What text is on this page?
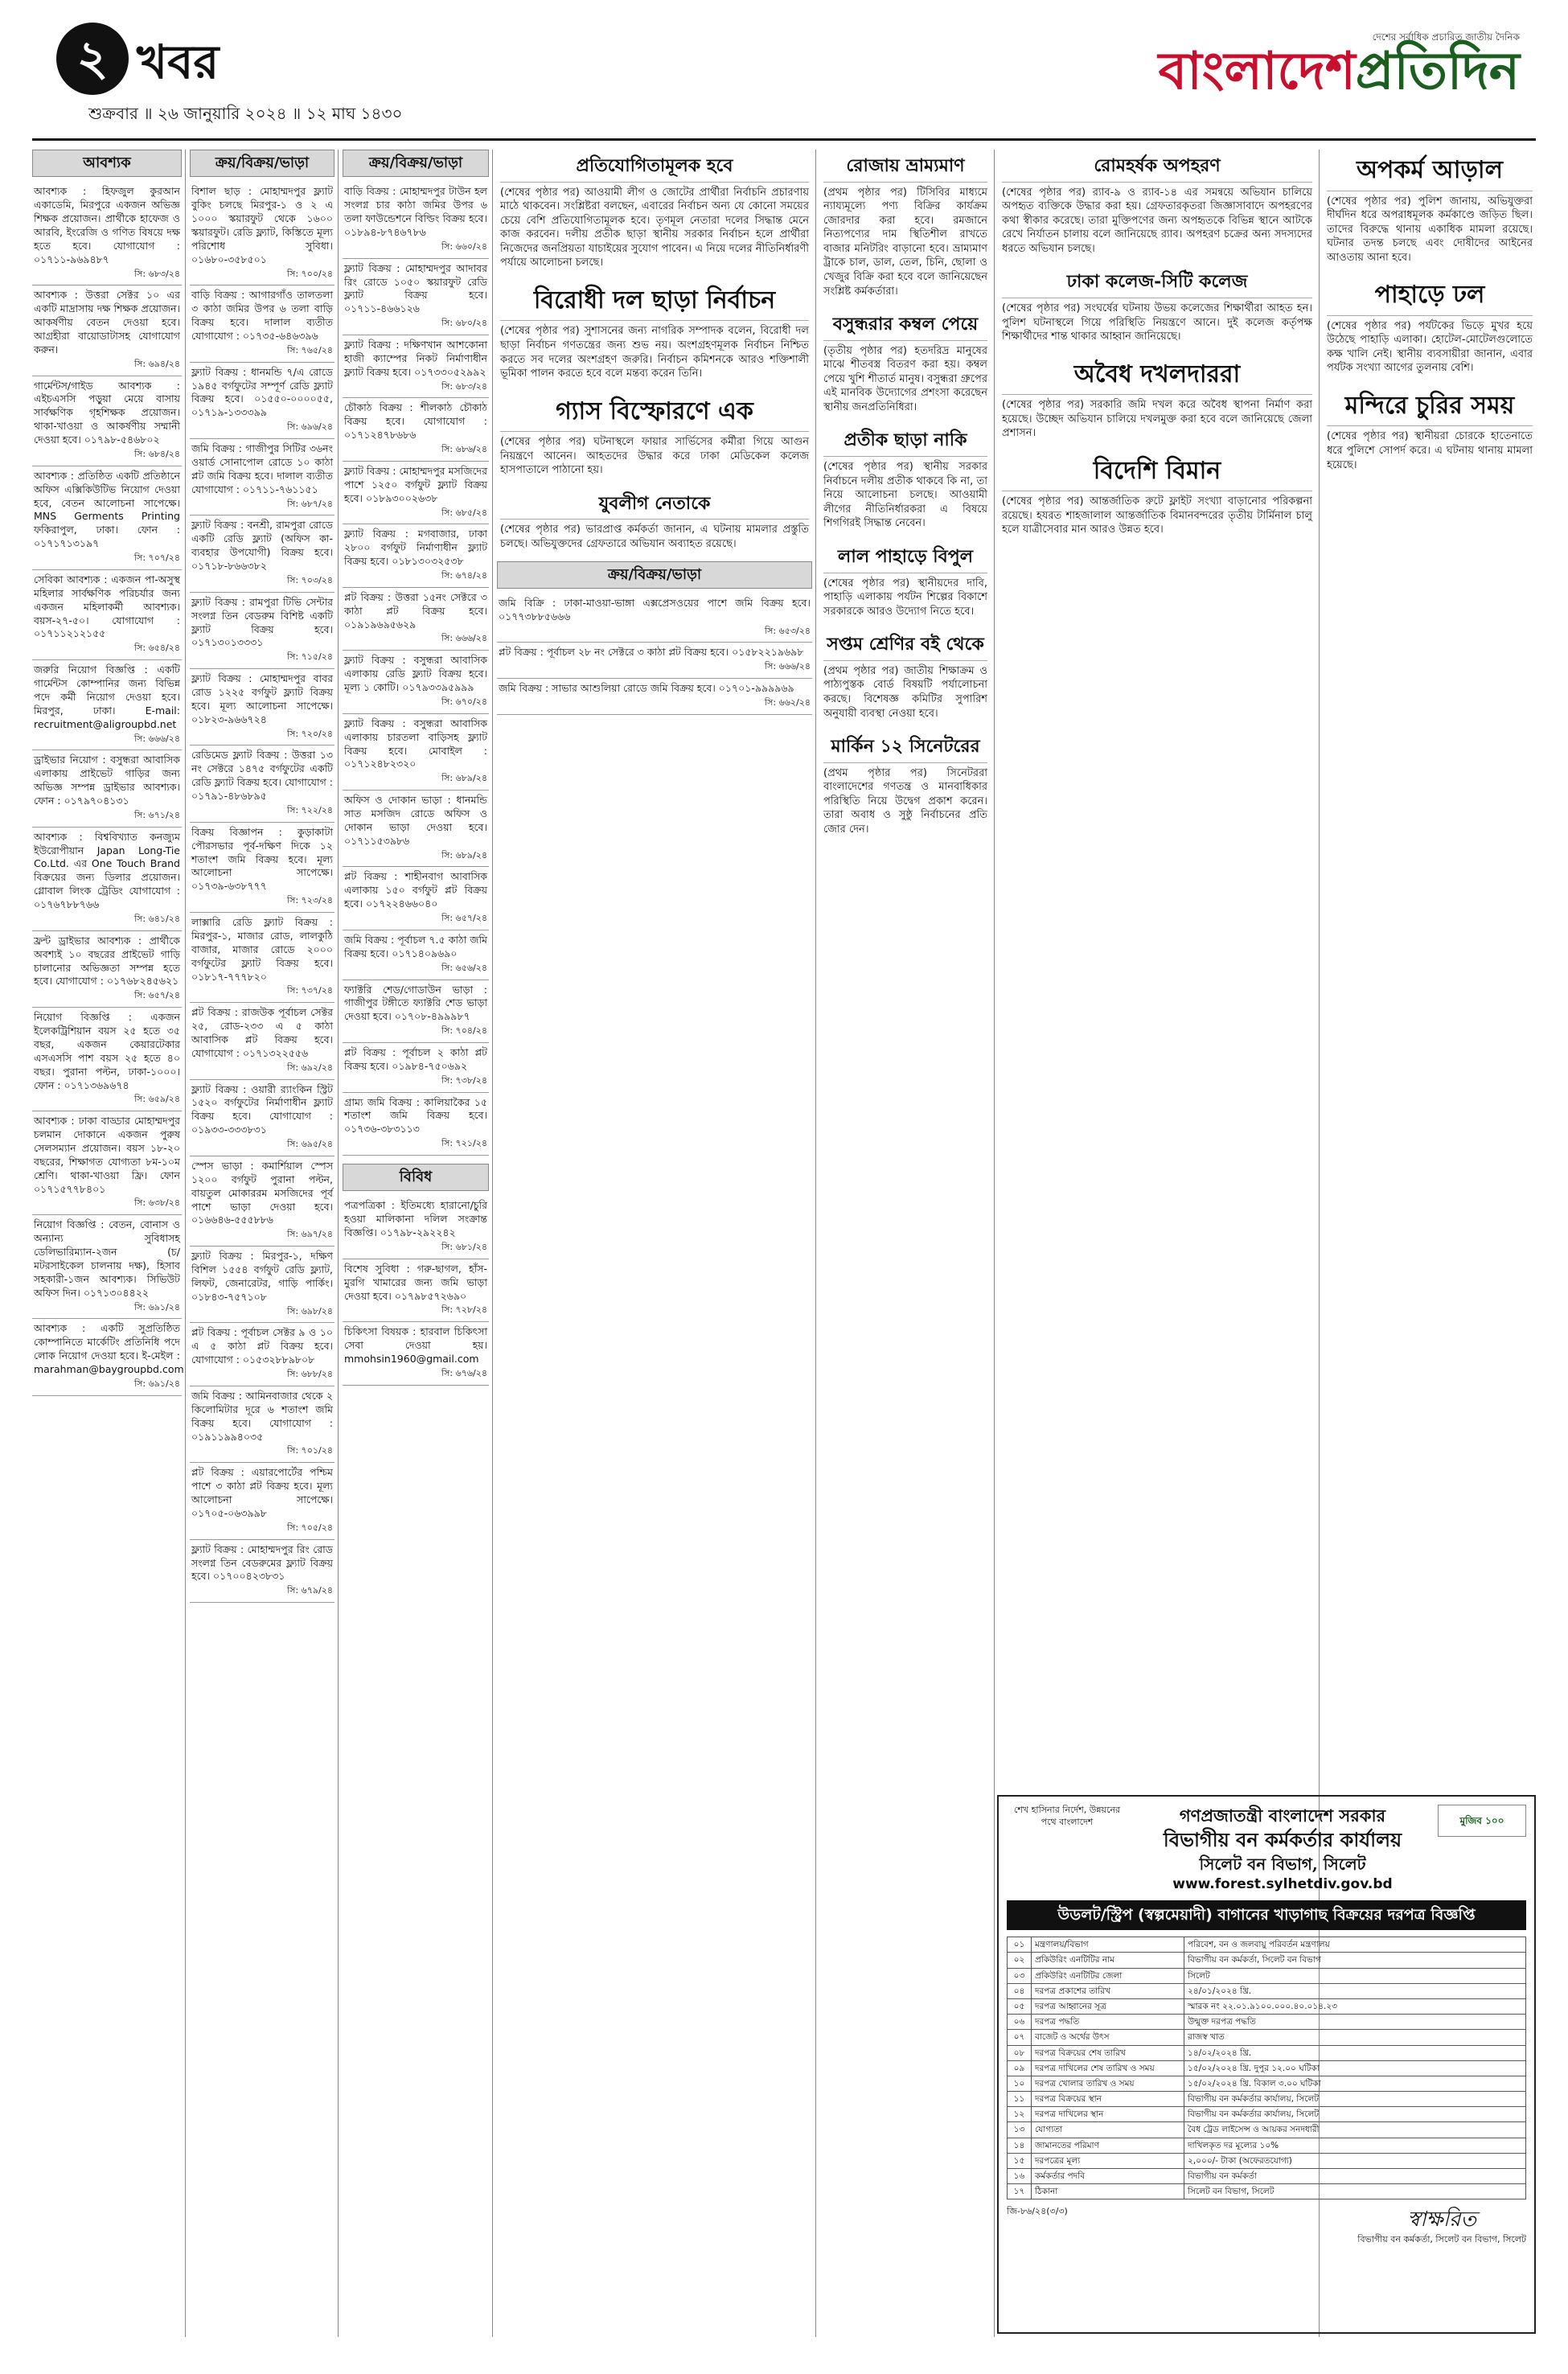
২ খবর
শুক্রবার ॥ ২৬ জানুয়ারি ২০২৪ ॥ ১২ মাঘ ১৪৩০
দেশের সর্বাধিক প্রচারিত জাতীয় দৈনিক
বাংলাদেশপ্রতিদিন
আবশ্যক
আবশ্যক : হিফজুল কুরআন একাডেমি, মিরপুরে একজন অভিজ্ঞ শিক্ষক প্রয়োজন। প্রার্থীকে হাফেজ ও আরবি, ইংরেজি ও গণিত বিষয়ে দক্ষ হতে হবে। যোগাযোগ : ০১৭১১-৯৬৯৪৮৭
সি: ৬৮৩/২৪
আবশ্যক : উত্তরা সেক্টর ১০ এর একটি মাদ্রাসায় দক্ষ শিক্ষক প্রয়োজন। আকর্ষণীয় বেতন দেওয়া হবে। আগ্রহীরা বায়োডাটাসহ যোগাযোগ করুন।
সি: ৬৯৪/২৪
গার্মেন্টস/গাইড আবশ্যক : এইচএসসি পড়ুয়া মেয়ে বাসায় সার্বক্ষণিক গৃহশিক্ষক প্রয়োজন। থাকা-খাওয়া ও আকর্ষণীয় সম্মানী দেওয়া হবে। ০১৭৯৮-৫৪৬৮০২
সি: ৬৮৪/২৪
আবশ্যক : প্রতিষ্ঠিত একটি প্রতিষ্ঠানে অফিস এক্সিকিউটিভ নিয়োগ দেওয়া হবে, বেতন আলোচনা সাপেক্ষে। MNS Germents Printing ফকিরাপুল, ঢাকা। ফোন : ০১৭১৭১৩১৯৭
সি: ৭০৭/২৪
সেবিকা আবশ্যক : একজন পা-অসুস্থ মহিলার সার্বক্ষণিক পরিচর্যার জন্য একজন মহিলাকর্মী আবশ্যক। বয়স-২৭-৫০। যোগাযোগ : ০১৭১১২১২১৫৫
সি: ৬৫৪/২৪
জরুরি নিয়োগ বিজ্ঞপ্তি : একটি গার্মেন্টস কোম্পানির জন্য বিভিন্ন পদে কর্মী নিয়োগ দেওয়া হবে। মিরপুর, ঢাকা। E-mail: recruitment@aligroupbd.net
সি: ৬৬৬/২৪
ড্রাইভার নিয়োগ : বসুন্ধরা আবাসিক এলাকায় প্রাইভেট গাড়ির জন্য অভিজ্ঞ সম্পন্ন ড্রাইভার আবশ্যক। ফোন : ০১৭৯৭০৪১৩১
সি: ৬৭১/২৪
আবশ্যক : বিশ্ববিখ্যাত কনজ্যুম ইউরোপীয়ান Japan Long-Tie Co.Ltd. এর One Touch Brand বিক্রয়ের জন্য ডিলার প্রয়োজন। গ্লোবাল লিংক ট্রেডিং যোগাযোগ : ০১৭৬৭৮৮৭৬৬
সি: ৬৪১/২৪
ফ্রন্ট ড্রাইভার আবশ্যক : প্রার্থীকে অবশ্যই ১০ বছরের প্রাইভেট গাড়ি চালানোর অভিজ্ঞতা সম্পন্ন হতে হবে। যোগাযোগ : ০১৭৬৮২৪৫৬২১
সি: ৬৫৭/২৪
নিয়োগ বিজ্ঞপ্তি : একজন ইলেকট্রিশিয়ান বয়স ২৫ হতে ৩৫ বছর, একজন কেয়ারটেকার এসএসসি পাশ বয়স ২৫ হতে ৪০ বছর। পুরানা পল্টন, ঢাকা-১০০০। ফোন : ০১৭১৩৬৯৬৭৪
সি: ৬৫৯/২৪
আবশ্যক : ঢাকা বাড্ডার মোহাম্মদপুর চলমান দোকানে একজন পুরুষ সেলসম্যান প্রয়োজন। বয়স ১৮-২০ বছরের, শিক্ষাগত যোগ্যতা ৮ম-১০ম শ্রেণি। থাকা-খাওয়া ফ্রি। ফোন ০১৭১৫৭৭৮৪০১
সি: ৬৩৮/২৪
নিয়োগ বিজ্ঞপ্তি : বেতন, বোনাস ও অন্যান্য সুবিধাসহ ডেলিভারিম্যান-২জন (চ/মটরসাইকেল চালনায় দক্ষ), হিসাব সহকারী-১জন আবশ্যক। সিভিউট অফিস দিন। ০১৭১৩০৪৪২২
সি: ৬৯১/২৪
আবশ্যক : একটি সুপ্রতিষ্ঠিত কোম্পানিতে মার্কেটিং প্রতিনিধি পদে লোক নিয়োগ দেওয়া হবে। ই-মেইল : marahman@baygroupbd.com
সি: ৬৯১/২৪
ক্রয়/বিক্রয়/ভাড়া
বিশাল ছাড় : মোহাম্মদপুর ফ্ল্যাট বুকিং চলছে মিরপুর-১ ও ২ এ ১০০০ স্কয়ারফুট থেকে ১৬০০ স্কয়ারফুট। রেডি ফ্ল্যাট, কিস্তিতে মূল্য পরিশোধ সুবিধা। ০১৬৮০-৩৫৮৫০১
সি: ৭০০/২৪
বাড়ি বিক্রয় : আগারগাঁও তালতলা ৩ কাঠা জমির উপর ৬ তলা বাড়ি বিক্রয় হবে। দালাল ব্যতীত যোগাযোগ : ০১৭৩৫-৬৪৬৩৯৬
সি: ৭৬৫/২৪
ফ্ল্যাট বিক্রয় : ধানমন্ডি ৭/এ রোডে ১৯৪৫ বর্গফুটের সম্পূর্ণ রেডি ফ্ল্যাট বিক্রয় হবে। ০১৫৫০-০০০০৫৫, ০১৭১৯-১৩৩৩৯৯
সি: ৬৯৬/২৪
জমি বিক্রয় : গাজীপুর সিটির ৩৬নং ওয়ার্ড সোনাপোল রোডে ১০ কাঠা প্লট জমি বিক্রয় হবে। দালাল ব্যতীত যোগাযোগ : ০১৭১১-৭৬১১৫১
সি: ৬৮৭/২৪
ফ্ল্যাট বিক্রয় : বনশ্রী, রামপুরা রোডে একটি রেডি ফ্ল্যাট (অফিস কা-ব্যবহার উপযোগী) বিক্রয় হবে। ০১৭১৮-৮৬৬৩৮২
সি: ৭০৩/২৪
ফ্ল্যাট বিক্রয় : রামপুরা টিভি সেন্টার সংলগ্ন তিন বেডরুম বিশিষ্ট একটি ফ্ল্যাট বিক্রয় হবে। ০১৭১৩০১৩৩৩১
সি: ৭১৫/২৪
ফ্ল্যাট বিক্রয় : মোহাম্মদপুর বাবর রোড ১২২৫ বর্গফুট ফ্ল্যাট বিক্রয় হবে। মূল্য আলোচনা সাপেক্ষে। ০১৮২৩-৯৬৬৭২৪
সি: ৭২০/২৪
রেডিমেড ফ্ল্যাট বিক্রয় : উত্তরা ১৩ নং সেক্টরে ১৪৭৫ বর্গফুটের একটি রেডি ফ্ল্যাট বিক্রয় হবে। যোগাযোগ : ০১৭৯১-৪৮৬৮৯৫
সি: ৭২২/২৪
বিক্রয় বিজ্ঞাপন : কুড়াকাটা পৌরসভার পূর্ব-দক্ষিণ দিকে ১২ শতাংশ জমি বিক্রয় হবে। মূল্য আলোচনা সাপেক্ষে। ০১৭৩৯-৬৩৮৭৭৭
সি: ৭২৩/২৪
লাক্সারি রেডি ফ্ল্যাট বিক্রয় : মিরপুর-১, মাজার রোড, লালকুঠি বাজার, মাজার রোডে ২০০০ বর্গফুটের ফ্ল্যাট বিক্রয় হবে। ০১৮১৭-৭৭৭৮২০
সি: ৭৩৭/২৪
প্লট বিক্রয় : রাজউক পূর্বাচল সেক্টর ২৫, রোড-২৩৩ এ ৫ কাঠা আবাসিক প্লট বিক্রয় হবে। যোগাযোগ : ০১৭১৩২২৫৫৬
সি: ৬৯২/২৪
ফ্ল্যাট বিক্রয় : ওয়ারী র‍্যাংকিন স্ট্রিট ১৫২০ বর্গফুটের নির্মাণাধীন ফ্ল্যাট বিক্রয় হবে। যোগাযোগ : ০১৯৩৩-৩৩৩৮৩১
সি: ৬৯৫/২৪
স্পেস ভাড়া : কমার্শিয়াল স্পেস ১২০০ বর্গফুট পুরানা পল্টন, বায়তুল মোকাররম মসজিদের পূর্ব পাশে ভাড়া দেওয়া হবে। ০১৬৬৪৬-৫৫৫৮৮৬
সি: ৬৯৭/২৪
ফ্ল্যাট বিক্রয় : মিরপুর-১, দক্ষিণ বিশিল ১৫৫৪ বর্গফুট রেডি ফ্ল্যাট, লিফট, জেনারেটর, গাড়ি পার্কিং। ০১৮৪৩-৭৫৭১০৮
সি: ৬৯৮/২৪
প্লট বিক্রয় : পূর্বাচল সেক্টর ৯ ও ১০ এ ৫ কাঠা প্লট বিক্রয় হবে। যোগাযোগ : ০১৫৩২৮৮৯৮০৮
সি: ৬৮৮/২৪
জমি বিক্রয় : আমিনবাজার থেকে ২ কিলোমিটার দূরে ৬ শতাংশ জমি বিক্রয় হবে। যোগাযোগ : ০১৯১১৯৯৪০৩৫
সি: ৭০১/২৪
প্লট বিক্রয় : এয়ারপোর্টের পশ্চিম পাশে ৩ কাঠা প্লট বিক্রয় হবে। মূল্য আলোচনা সাপেক্ষে। ০১৭০৫-০৬৩৯৯৮
সি: ৭০৫/২৪
ফ্ল্যাট বিক্রয় : মোহাম্মদপুর রিং রোড সংলগ্ন তিন বেডরুমের ফ্ল্যাট বিক্রয় হবে। ০১৭০০৪২৩৮৩১
সি: ৬৭৯/২৪
ক্রয়/বিক্রয়/ভাড়া
বাড়ি বিক্রয় : মোহাম্মদপুর টাউন হল সংলগ্ন চার কাঠা জমির উপর ৬ তলা ফাউন্ডেশনে বিল্ডিং বিক্রয় হবে। ০১৮৯৪-৮৭৪৬৭৮৬
সি: ৬৬০/২৪
ফ্ল্যাট বিক্রয় : মোহাম্মদপুর আদাবর রিং রোডে ১০৫০ স্কয়ারফুট রেডি ফ্ল্যাট বিক্রয় হবে। ০১৭১১-৪৬৬১২৬
সি: ৬৮০/২৪
ফ্ল্যাট বিক্রয় : দক্ষিণখান আশকোনা হাজী ক্যাম্পের নিকট নির্মাণাধীন ফ্ল্যাট বিক্রয় হবে। ০১৭৩৩০৫২৯৯২
সি: ৬৮৩/২৪
চৌকাঠ বিক্রয় : শীলকাঠ চৌকাঠ বিক্রয় হবে। যোগাযোগ : ০১৭১২৪৭৮৬৮৬
সি: ৬৮৬/২৪
ফ্ল্যাট বিক্রয় : মোহাম্মদপুর মসজিদের পাশে ১২৫০ বর্গফুট ফ্ল্যাট বিক্রয় হবে। ০১৮৯৩০০২৬৩৮
সি: ৬৮৫/২৪
ফ্ল্যাট বিক্রয় : মগবাজার, ঢাকা ২৮০০ বর্গফুট নির্মাণাধীন ফ্ল্যাট বিক্রয় হবে। ০১৮১৩০৩২৫৩৮
সি: ৬৭৪/২৪
প্লট বিক্রয় : উত্তরা ১৫নং সেক্টরে ৩ কাঠা প্লট বিক্রয় হবে। ০১৯১৯৬৯৫৬২৯
সি: ৬৬৬/২৪
ফ্ল্যাট বিক্রয় : বসুন্ধরা আবাসিক এলাকায় রেডি ফ্ল্যাট বিক্রয় হবে। মূল্য ১ কোটি। ০১৭৯৩৩৯৫৯৯৯
সি: ৬৭০/২৪
ফ্ল্যাট বিক্রয় : বসুন্ধরা আবাসিক এলাকায় চারতলা বাড়িসহ ফ্ল্যাট বিক্রয় হবে। মোবাইল : ০১৭১২৪৮২৩২০
সি: ৬৮৯/২৪
অফিস ও দোকান ভাড়া : ধানমন্ডি সাত মসজিদ রোডে অফিস ও দোকান ভাড়া দেওয়া হবে। ০১৭১১৫৩৯৮৬
সি: ৬৮৯/২৪
প্লট বিক্রয় : শাহীনবাগ আবাসিক এলাকায় ১৫০ বর্গফুট প্লট বিক্রয় হবে। ০১৭২২৪৬৬০৪০
সি: ৬৫৭/২৪
জমি বিক্রয় : পূর্বাচল ৭.৫ কাঠা জমি বিক্রয় হবে। ০১৭১৪০৯৬৯০
সি: ৬৫৬/২৪
ফ্যাক্টরি শেড/গোডাউন ভাড়া : গাজীপুর টঙ্গীতে ফ্যাক্টরি শেড ভাড়া দেওয়া হবে। ০১৭০৮-৪৯৯৯৮৭
সি: ৭০৪/২৪
প্লট বিক্রয় : পূর্বাচল ২ কাঠা প্লট বিক্রয় হবে। ০১৯৮৪-৭৫০৬৯২
সি: ৭৩৮/২৪
গ্রাম্য জমি বিক্রয় : কালিয়াকৈর ১৫ শতাংশ জমি বিক্রয় হবে। ০১৭৩৬-৩৮৩১১৩
সি: ৭২১/২৪
বিবিধ
পত্রপত্রিকা : ইতিমধ্যে হারানো/চুরি হওয়া মালিকানা দলিল সংক্রান্ত বিজ্ঞপ্তি। ০১৭৯৮-২৯২২৪২
সি: ৬৮১/২৪
বিশেষ সুবিধা : গরু-ছাগল, হাঁস-মুরগি খামারের জন্য জমি ভাড়া দেওয়া হবে। ০১৭৯৮৫৭২৬৯০
সি: ৭২৮/২৪
চিকিৎসা বিষয়ক : হারবাল চিকিৎসা সেবা দেওয়া হয়। mmohsin1960@gmail.com
সি: ৬৭৬/২৪
প্রতিযোগিতামূলক হবে

(শেষের পৃষ্ঠার পর) আওয়ামী লীগ ও জোটের প্রার্থীরা নির্বাচনি প্রচারণায় মাঠে থাকবেন। সংশ্লিষ্টরা বলছেন, এবারের নির্বাচন অন্য যে কোনো সময়ের চেয়ে বেশি প্রতিযোগিতামূলক হবে। তৃণমূল নেতারা দলের সিদ্ধান্ত মেনে কাজ করবেন। দলীয় প্রতীক ছাড়া স্থানীয় সরকার নির্বাচন হলে প্রার্থীরা নিজেদের জনপ্রিয়তা যাচাইয়ের সুযোগ পাবেন। এ নিয়ে দলের নীতিনির্ধারণী পর্যায়ে আলোচনা চলছে।

বিরোধী দল ছাড়া নির্বাচন

(শেষের পৃষ্ঠার পর) সুশাসনের জন্য নাগরিক সম্পাদক বলেন, বিরোধী দল ছাড়া নির্বাচন গণতন্ত্রের জন্য শুভ নয়। অংশগ্রহণমূলক নির্বাচন নিশ্চিত করতে সব দলের অংশগ্রহণ জরুরি। নির্বাচন কমিশনকে আরও শক্তিশালী ভূমিকা পালন করতে হবে বলে মন্তব্য করেন তিনি।

গ্যাস বিস্ফোরণে এক

(শেষের পৃষ্ঠার পর) ঘটনাস্থলে ফায়ার সার্ভিসের কর্মীরা গিয়ে আগুন নিয়ন্ত্রণে আনেন। আহতদের উদ্ধার করে ঢাকা মেডিকেল কলেজ হাসপাতালে পাঠানো হয়।

যুবলীগ নেতাকে

(শেষের পৃষ্ঠার পর) ভারপ্রাপ্ত কর্মকর্তা জানান, এ ঘটনায় মামলার প্রস্তুতি চলছে। অভিযুক্তদের গ্রেফতারে অভিযান অব্যাহত রয়েছে।

ক্রয়/বিক্রয়/ভাড়া
জমি বিক্রি : ঢাকা-মাওয়া-ভাঙ্গা এক্সপ্রেসওয়ের পাশে জমি বিক্রয় হবে। ০১৭৭৩৮৮৫৬৬৬
সি: ৬৫৩/২৪
প্লট বিক্রয় : পূর্বাচল ২৮ নং সেক্টরে ৩ কাঠা প্লট বিক্রয় হবে। ০১৫৮২২১৯৬৯৮
সি: ৬৬৬/২৪
জমি বিক্রয় : সাভার আশুলিয়া রোডে জমি বিক্রয় হবে। ০১৭০১-৯৯৯৯৬৯
সি: ৬৬২/২৪
রোজায় ভ্রাম্যমাণ

(প্রথম পৃষ্ঠার পর) টিসিবির মাধ্যমে ন্যায্যমূল্যে পণ্য বিক্রির কার্যক্রম জোরদার করা হবে। রমজানে নিত্যপণ্যের দাম স্থিতিশীল রাখতে বাজার মনিটরিং বাড়ানো হবে। ভ্রাম্যমাণ ট্রাকে চাল, ডাল, তেল, চিনি, ছোলা ও খেজুর বিক্রি করা হবে বলে জানিয়েছেন সংশ্লিষ্ট কর্মকর্তারা।

বসুন্ধরার কম্বল পেয়ে

(তৃতীয় পৃষ্ঠার পর) হতদরিদ্র মানুষের মাঝে শীতবস্ত্র বিতরণ করা হয়। কম্বল পেয়ে খুশি শীতার্ত মানুষ। বসুন্ধরা গ্রুপের এই মানবিক উদ্যোগের প্রশংসা করেছেন স্থানীয় জনপ্রতিনিধিরা।

প্রতীক ছাড়া নাকি

(শেষের পৃষ্ঠার পর) স্থানীয় সরকার নির্বাচনে দলীয় প্রতীক থাকবে কি না, তা নিয়ে আলোচনা চলছে। আওয়ামী লীগের নীতিনির্ধারকরা এ বিষয়ে শিগগিরই সিদ্ধান্ত নেবেন।

লাল পাহাড়ে বিপুল

(শেষের পৃষ্ঠার পর) স্থানীয়দের দাবি, পাহাড়ি এলাকায় পর্যটন শিল্পের বিকাশে সরকারকে আরও উদ্যোগ নিতে হবে।

সপ্তম শ্রেণির বই থেকে

(প্রথম পৃষ্ঠার পর) জাতীয় শিক্ষাক্রম ও পাঠ্যপুস্তক বোর্ড বিষয়টি পর্যালোচনা করছে। বিশেষজ্ঞ কমিটির সুপারিশ অনুযায়ী ব্যবস্থা নেওয়া হবে।

মার্কিন ১২ সিনেটরের

(প্রথম পৃষ্ঠার পর) সিনেটররা বাংলাদেশের গণতন্ত্র ও মানবাধিকার পরিস্থিতি নিয়ে উদ্বেগ প্রকাশ করেন। তারা অবাধ ও সুষ্ঠু নির্বাচনের প্রতি জোর দেন।

রোমহর্ষক অপহরণ

(শেষের পৃষ্ঠার পর) র‍্যাব-৯ ও র‍্যাব-১৪ এর সমন্বয়ে অভিযান চালিয়ে অপহৃত ব্যক্তিকে উদ্ধার করা হয়। গ্রেফতারকৃতরা জিজ্ঞাসাবাদে অপহরণের কথা স্বীকার করেছে। তারা মুক্তিপণের জন্য অপহৃতকে বিভিন্ন স্থানে আটকে রেখে নির্যাতন চালায় বলে জানিয়েছে র‍্যাব। অপহরণ চক্রের অন্য সদস্যদের ধরতে অভিযান চলছে।

ঢাকা কলেজ-সিটি কলেজ

(শেষের পৃষ্ঠার পর) সংঘর্ষের ঘটনায় উভয় কলেজের শিক্ষার্থীরা আহত হন। পুলিশ ঘটনাস্থলে গিয়ে পরিস্থিতি নিয়ন্ত্রণে আনে। দুই কলেজ কর্তৃপক্ষ শিক্ষার্থীদের শান্ত থাকার আহ্বান জানিয়েছে।

অবৈধ দখলদাররা

(শেষের পৃষ্ঠার পর) সরকারি জমি দখল করে অবৈধ স্থাপনা নির্মাণ করা হয়েছে। উচ্ছেদ অভিযান চালিয়ে দখলমুক্ত করা হবে বলে জানিয়েছে জেলা প্রশাসন।

বিদেশি বিমান

(শেষের পৃষ্ঠার পর) আন্তর্জাতিক রুটে ফ্লাইট সংখ্যা বাড়ানোর পরিকল্পনা রয়েছে। হযরত শাহজালাল আন্তর্জাতিক বিমানবন্দরের তৃতীয় টার্মিনাল চালু হলে যাত্রীসেবার মান আরও উন্নত হবে।

অপকর্ম আড়াল

(শেষের পৃষ্ঠার পর) পুলিশ জানায়, অভিযুক্তরা দীর্ঘদিন ধরে অপরাধমূলক কর্মকাণ্ডে জড়িত ছিল। তাদের বিরুদ্ধে থানায় একাধিক মামলা রয়েছে। ঘটনার তদন্ত চলছে এবং দোষীদের আইনের আওতায় আনা হবে।

পাহাড়ে ঢল

(শেষের পৃষ্ঠার পর) পর্যটকের ভিড়ে মুখর হয়ে উঠেছে পাহাড়ি এলাকা। হোটেল-মোটেলগুলোতে কক্ষ খালি নেই। স্থানীয় ব্যবসায়ীরা জানান, এবার পর্যটক সংখ্যা আগের তুলনায় বেশি।

মন্দিরে চুরির সময়

(শেষের পৃষ্ঠার পর) স্থানীয়রা চোরকে হাতেনাতে ধরে পুলিশে সোপর্দ করে। এ ঘটনায় থানায় মামলা হয়েছে।

শেখ হাসিনার নির্দেশ, উন্নয়নের পথে বাংলাদেশ	গণপ্রজাতন্ত্রী বাংলাদেশ সরকার
বিভাগীয় বন কর্মকর্তার কার্যালয়
সিলেট বন বিভাগ, সিলেট
www.forest.sylhetdiv.gov.bd
মুজিব ১০০
উডলট/স্ট্রিপ (স্বল্পমেয়াদী) বাগানের খাড়াগাছ বিক্রয়ের দরপত্র বিজ্ঞপ্তি
০১	মন্ত্রণালয়/বিভাগ	পরিবেশ, বন ও জলবায়ু পরিবর্তন মন্ত্রণালয়
০২	প্রকিউরিং এনটিটির নাম	বিভাগীয় বন কর্মকর্তা, সিলেট বন বিভাগ
০৩	প্রকিউরিং এনটিটির জেলা	সিলেট
০৪	দরপত্র প্রকাশের তারিখ	২৪/০১/২০২৪ খ্রি.
০৫	দরপত্র আহ্বানের সূত্র	স্মারক নং ২২.০১.৯১০০.০০০.৪০.০১৪.২৩
০৬	দরপত্র পদ্ধতি	উন্মুক্ত দরপত্র পদ্ধতি
০৭	বাজেট ও অর্থের উৎস	রাজস্ব খাত
০৮	দরপত্র বিক্রয়ের শেষ তারিখ	১৪/০২/২০২৪ খ্রি.
০৯	দরপত্র দাখিলের শেষ তারিখ ও সময়	১৫/০২/২০২৪ খ্রি. দুপুর ১২.০০ ঘটিকা
১০	দরপত্র খোলার তারিখ ও সময়	১৫/০২/২০২৪ খ্রি. বিকাল ৩.০০ ঘটিকা
১১	দরপত্র বিক্রয়ের স্থান	বিভাগীয় বন কর্মকর্তার কার্যালয়, সিলেট
১২	দরপত্র দাখিলের স্থান	বিভাগীয় বন কর্মকর্তার কার্যালয়, সিলেট
১৩	যোগ্যতা	বৈধ ট্রেড লাইসেন্স ও আয়কর সনদধারী
১৪	জামানতের পরিমাণ	দাখিলকৃত দর মূল্যের ১০%
১৫	দরপত্রের মূল্য	২,০০০/- টাকা (অফেরতযোগ্য)
১৬	কর্মকর্তার পদবি	বিভাগীয় বন কর্মকর্তা
১৭	ঠিকানা	সিলেট বন বিভাগ, সিলেট
জি-৮৬/২৪(৩/৩)	স্বাক্ষরিত
বিভাগীয় বন কর্মকর্তা, সিলেট বন বিভাগ, সিলেট
